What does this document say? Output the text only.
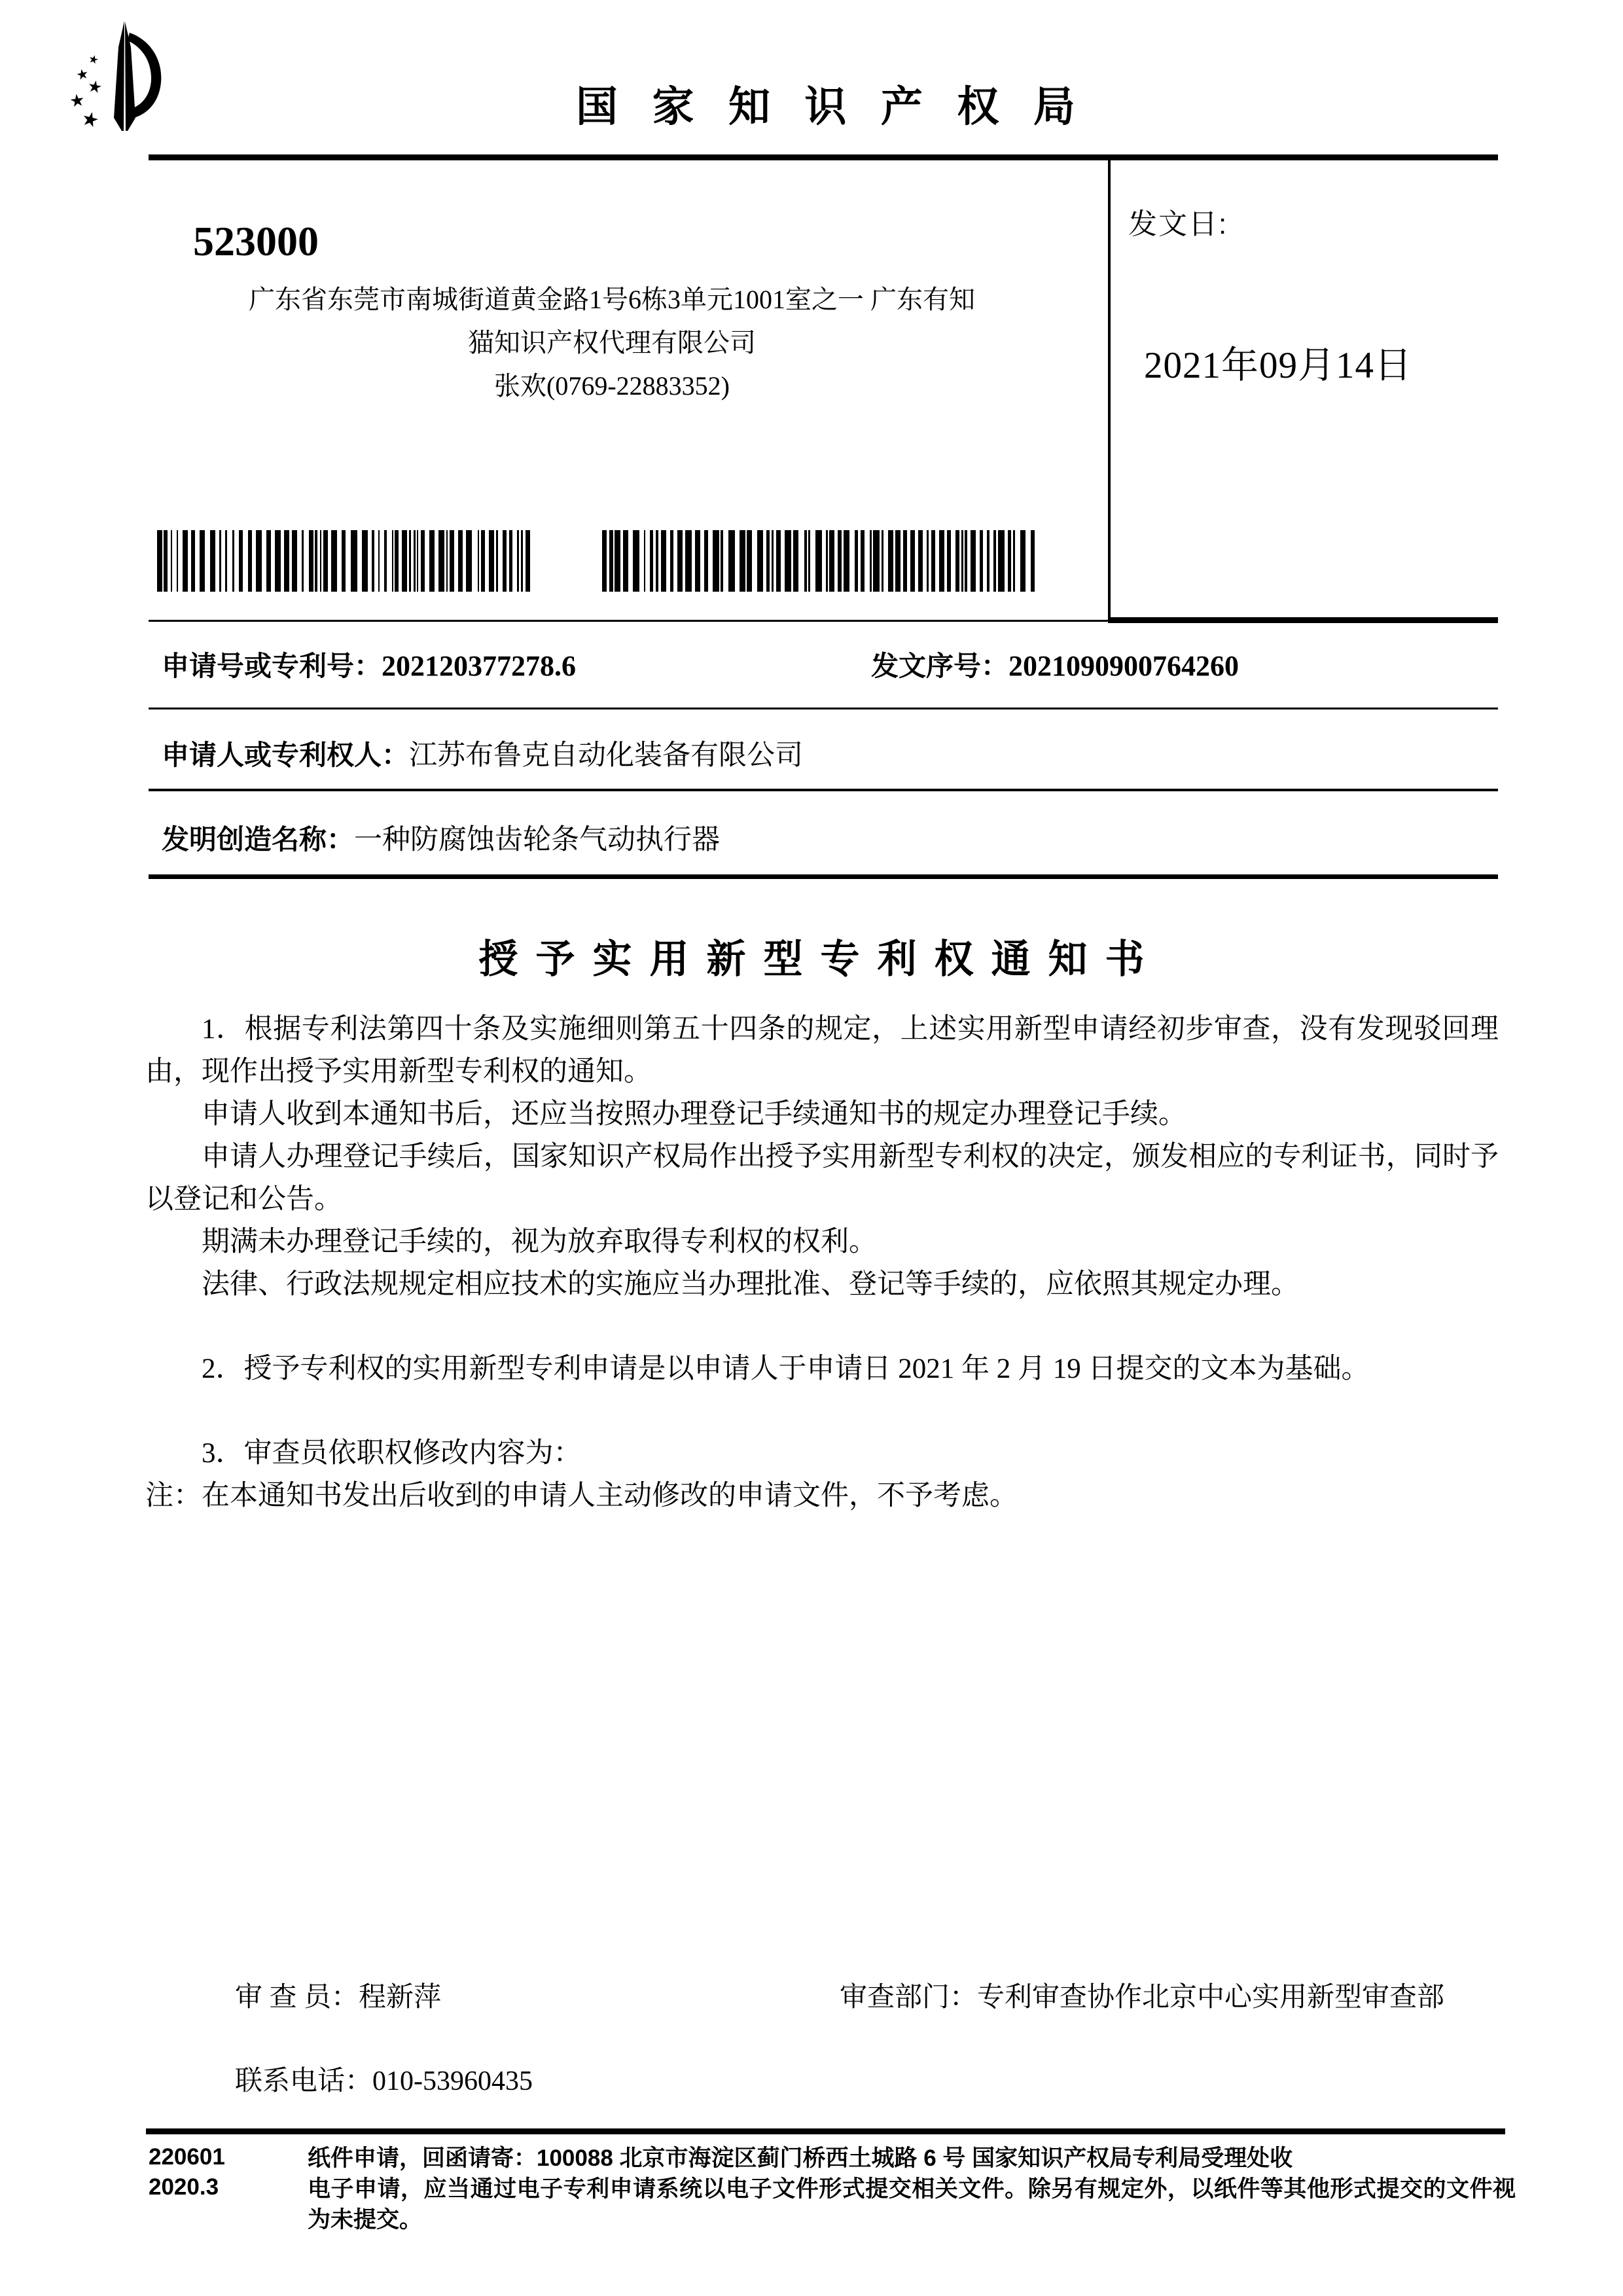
国家知识产权局
523000
广东省东莞市南城街道黄金路1号6栋3单元1001室之一 广东有知
猫知识产权代理有限公司
张欢(0769-22883352)
发文日:
2021年09月14日
申请号或专利号：202120377278.6	发文序号：2021090900764260
申请人或专利权人：江苏布鲁克自动化装备有限公司
发明创造名称：一种防腐蚀齿轮条气动执行器
授予实用新型专利权通知书

1．根据专利法第四十条及实施细则第五十四条的规定，上述实用新型申请经初步审查，没有发现驳回理由，现作出授予实用新型专利权的通知。

申请人收到本通知书后，还应当按照办理登记手续通知书的规定办理登记手续。

申请人办理登记手续后，国家知识产权局作出授予实用新型专利权的决定，颁发相应的专利证书，同时予以登记和公告。

期满未办理登记手续的，视为放弃取得专利权的权利。

法律、行政法规规定相应技术的实施应当办理批准、登记等手续的，应依照其规定办理。

2．授予专利权的实用新型专利申请是以申请人于申请日 2021 年 2 月 19 日提交的文本为基础。

3．审查员依职权修改内容为：

注：在本通知书发出后收到的申请人主动修改的申请文件，不予考虑。

审 查 员：程新萍	审查部门：专利审查协作北京中心实用新型审查部
联系电话：010-53960435
220601
2020.3
纸件申请，回函请寄：100088 北京市海淀区蓟门桥西土城路 6 号 国家知识产权局专利局受理处收

电子申请，应当通过电子专利申请系统以电子文件形式提交相关文件。除另有规定外，以纸件等其他形式提交的文件视为未提交。
